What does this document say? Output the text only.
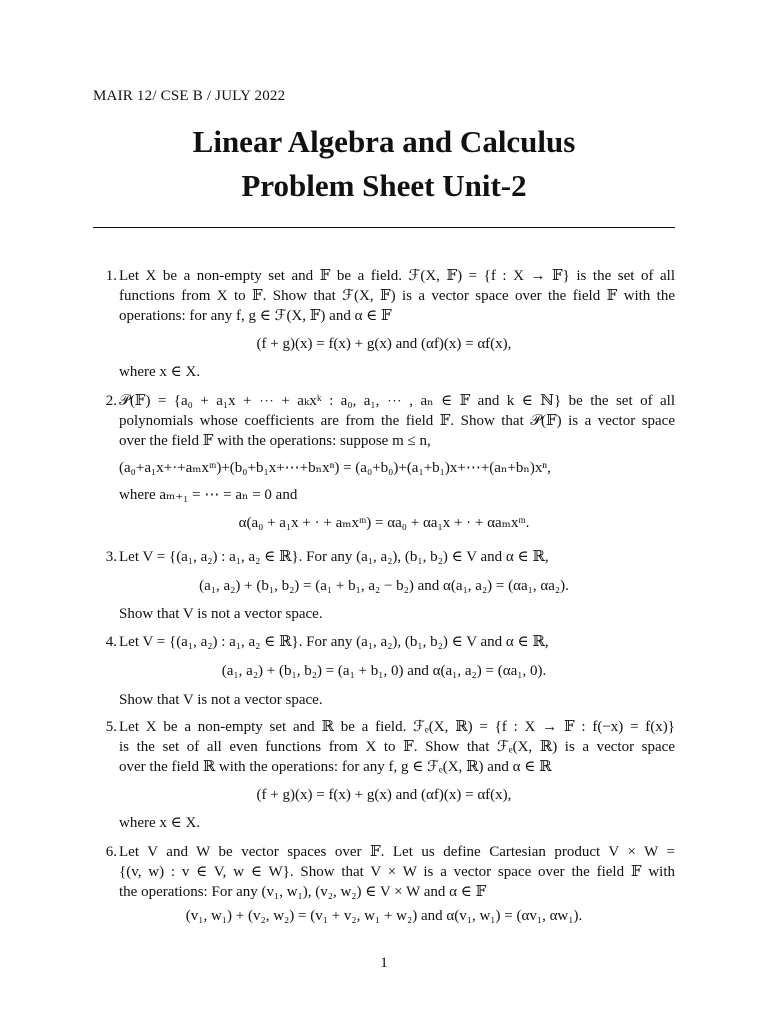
MAIR 12/ CSE B / JULY 2022
Linear Algebra and Calculus
Problem Sheet Unit-2
1. Let X be a non-empty set and 𝔽 be a field. ℱ(X, 𝔽) = {f : X → 𝔽} is the set of all
functions from X to 𝔽. Show that ℱ(X, 𝔽) is a vector space over the field 𝔽 with the
operations: for any f, g ∈ ℱ(X, 𝔽) and α ∈ 𝔽
(f + g)(x) = f(x) + g(x) and (αf)(x) = αf(x),
where x ∈ X.
2. 𝒫(𝔽) = {a₀ + a₁x + ⋯ + aₖxᵏ : a₀, a₁, ⋯ , aₙ ∈ 𝔽 and k ∈ ℕ} be the set of all
polynomials whose coefficients are from the field 𝔽. Show that 𝒫(𝔽) is a vector space
over the field 𝔽 with the operations: suppose m ≤ n,
(a₀+a₁x+·+aₘxᵐ)+(b₀+b₁x+⋯+bₙxⁿ) = (a₀+b₀)+(a₁+b₁)x+⋯+(aₙ+bₙ)xⁿ,
where aₘ₊₁ = ⋯ = aₙ = 0 and
α(a₀ + a₁x + · + aₘxᵐ) = αa₀ + αa₁x + · + αaₘxᵐ.
3. Let V = {(a₁, a₂) : a₁, a₂ ∈ ℝ}. For any (a₁, a₂), (b₁, b₂) ∈ V and α ∈ ℝ,
(a₁, a₂) + (b₁, b₂) = (a₁ + b₁, a₂ − b₂) and α(a₁, a₂) = (αa₁, αa₂).
Show that V is not a vector space.
4. Let V = {(a₁, a₂) : a₁, a₂ ∈ ℝ}. For any (a₁, a₂), (b₁, b₂) ∈ V and α ∈ ℝ,
(a₁, a₂) + (b₁, b₂) = (a₁ + b₁, 0) and α(a₁, a₂) = (αa₁, 0).
Show that V is not a vector space.
5. Let X be a non-empty set and ℝ be a field. ℱₑ(X, ℝ) = {f : X → 𝔽 : f(−x) = f(x)}
is the set of all even functions from X to 𝔽. Show that ℱₑ(X, ℝ) is a vector space
over the field ℝ with the operations: for any f, g ∈ ℱₑ(X, ℝ) and α ∈ ℝ
(f + g)(x) = f(x) + g(x) and (αf)(x) = αf(x),
where x ∈ X.
6. Let V and W be vector spaces over 𝔽. Let us define Cartesian product V × W =
{(v, w) : v ∈ V, w ∈ W}. Show that V × W is a vector space over the field 𝔽 with
the operations: For any (v₁, w₁), (v₂, w₂) ∈ V × W and α ∈ 𝔽
(v₁, w₁) + (v₂, w₂) = (v₁ + v₂, w₁ + w₂) and α(v₁, w₁) = (αv₁, αw₁).
1
